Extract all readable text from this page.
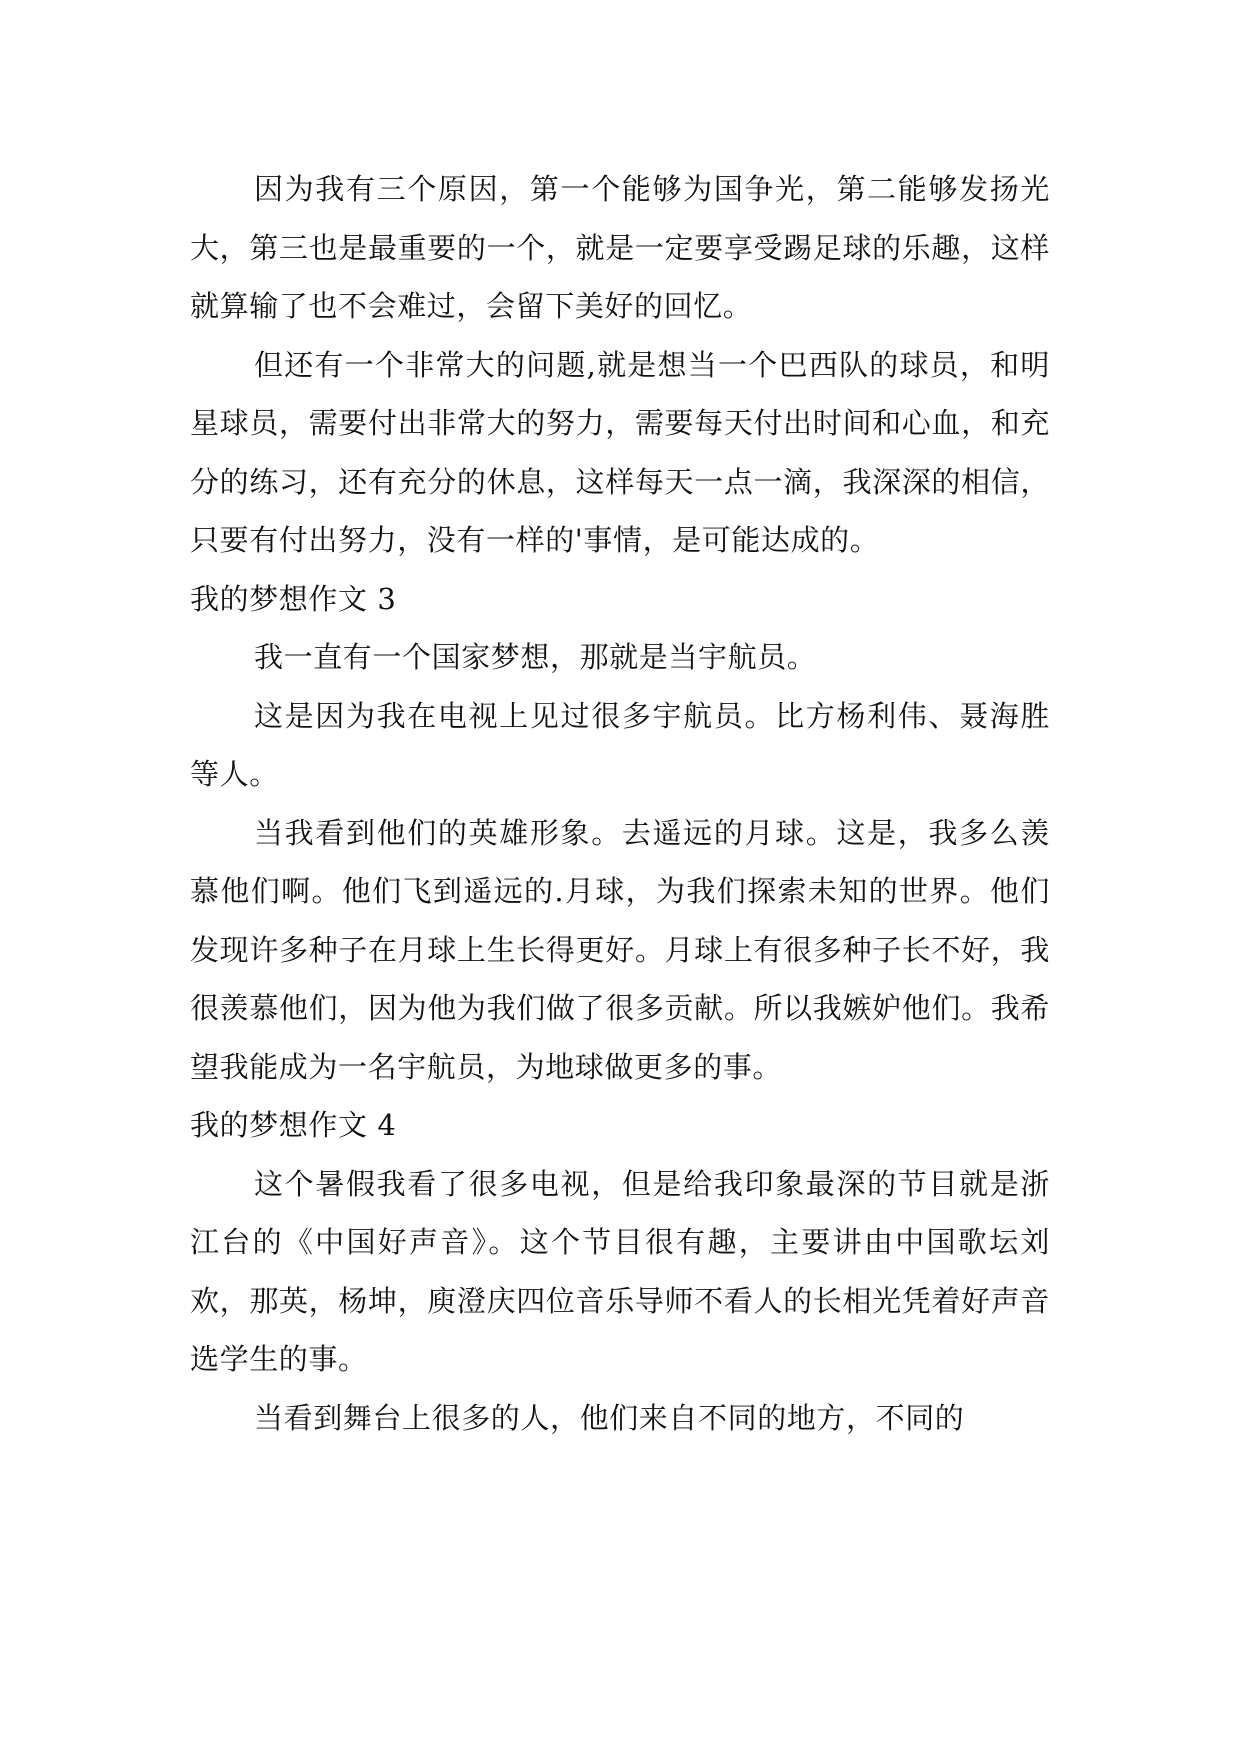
因为我有三个原因，第一个能够为国争光，第二能够发扬光大，第三也是最重要的一个，就是一定要享受踢足球的乐趣，这样就算输了也不会难过，会留下美好的回忆。

但还有一个非常大的问题,就是想当一个巴西队的球员，和明星球员，需要付出非常大的努力，需要每天付出时间和心血，和充分的练习，还有充分的休息，这样每天一点一滴，我深深的相信，只要有付出努力，没有一样的'事情，是可能达成的。

我的梦想作文 3

我一直有一个国家梦想，那就是当宇航员。

这是因为我在电视上见过很多宇航员。比方杨利伟、聂海胜等人。

当我看到他们的英雄形象。去遥远的月球。这是，我多么羡慕他们啊。他们飞到遥远的.月球，为我们探索未知的世界。他们发现许多种子在月球上生长得更好。月球上有很多种子长不好，我很羡慕他们，因为他为我们做了很多贡献。所以我嫉妒他们。我希望我能成为一名宇航员，为地球做更多的事。

我的梦想作文 4

这个暑假我看了很多电视，但是给我印象最深的节目就是浙江台的《中国好声音》。这个节目很有趣，主要讲由中国歌坛刘欢，那英，杨坤，庾澄庆四位音乐导师不看人的长相光凭着好声音选学生的事。

当看到舞台上很多的人，他们来自不同的地方，不同的
